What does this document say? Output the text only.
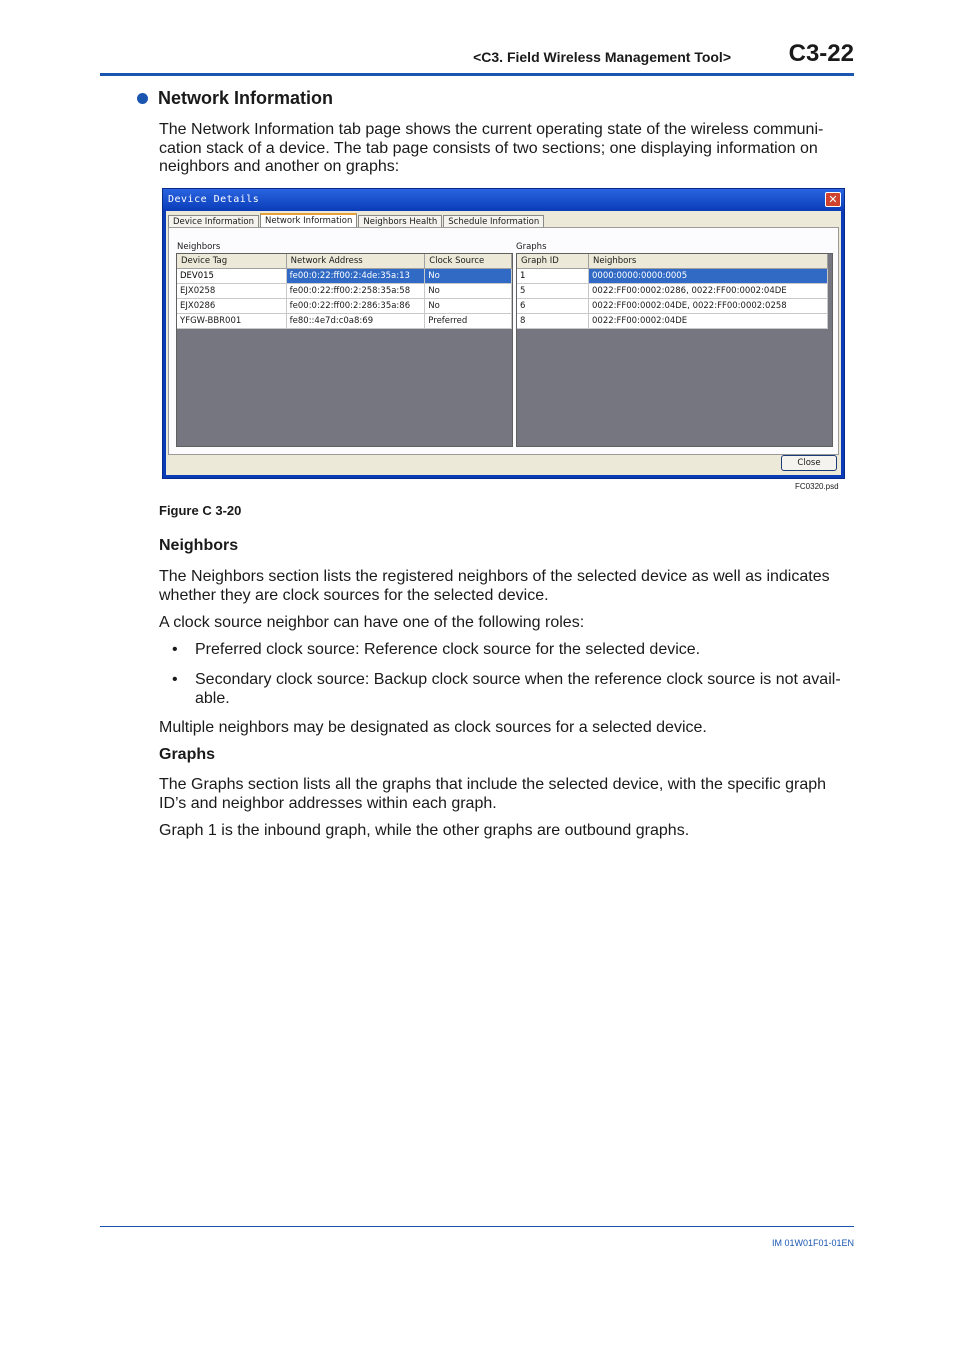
<C3. Field Wireless Management Tool> C3-22
Network Information

The Network Information tab page shows the current operating state of the wireless communi-cation stack of a device. The tab page consists of two sections; one displaying information on neighbors and another on graphs:

Device Details	✕
Device Information	Network Information	Neighbors Health	Schedule Information
Neighbors	Graphs
Device Tag	Network Address	Clock Source
DEV015	fe00:0:22:ff00:2:4de:35a:13	No
EJX0258	fe00:0:22:ff00:2:258:35a:58	No
EJX0286	fe00:0:22:ff00:2:286:35a:86	No
YFGW-BBR001	fe80::4e7d:c0a8:69	Preferred
Graph ID	Neighbors
1	0000:0000:0000:0005
5	0022:FF00:0002:0286, 0022:FF00:0002:04DE
6	0022:FF00:0002:04DE, 0022:FF00:0002:0258
8	0022:FF00:0002:04DE
Close
FC0320.psd
Figure C 3-20
Neighbors

The Neighbors section lists the registered neighbors of the selected device as well as indicates whether they are clock sources for the selected device.

A clock source neighbor can have one of the following roles:

•	Preferred clock source: Reference clock source for the selected device.
•	Secondary clock source: Backup clock source when the reference clock source is not avail-able.

Multiple neighbors may be designated as clock sources for a selected device.

Graphs

The Graphs section lists all the graphs that include the selected device, with the specific graph ID’s and neighbor addresses within each graph.

Graph 1 is the inbound graph, while the other graphs are outbound graphs.

IM 01W01F01-01EN
